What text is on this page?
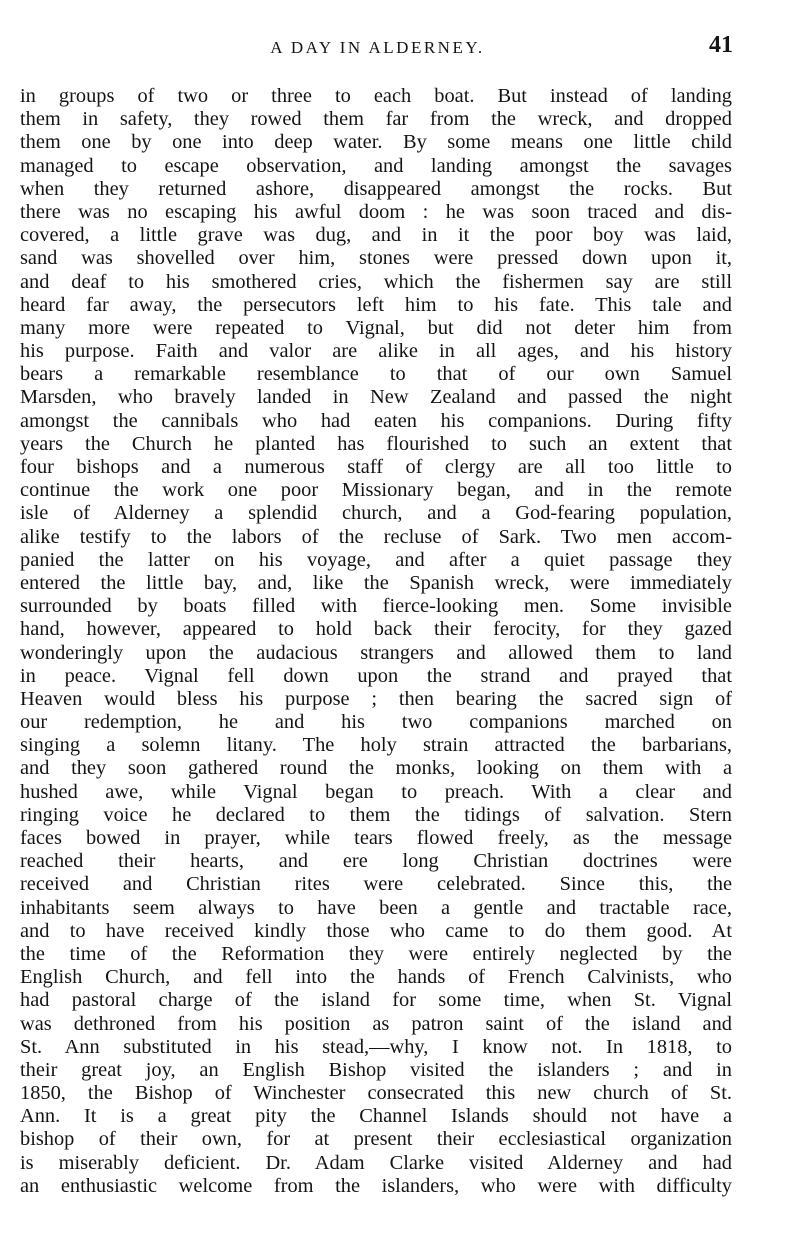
A DAY IN ALDERNEY.	41
in groups of two or three to each boat. But instead of landing
them in safety, they rowed them far from the wreck, and dropped
them one by one into deep water. By some means one little child
managed to escape observation, and landing amongst the savages
when they returned ashore, disappeared amongst the rocks. But
there was no escaping his awful doom : he was soon traced and dis-
covered, a little grave was dug, and in it the poor boy was laid,
sand was shovelled over him, stones were pressed down upon it,
and deaf to his smothered cries, which the fishermen say are still
heard far away, the persecutors left him to his fate. This tale and
many more were repeated to Vignal, but did not deter him from
his purpose. Faith and valor are alike in all ages, and his history
bears a remarkable resemblance to that of our own Samuel
Marsden, who bravely landed in New Zealand and passed the night
amongst the cannibals who had eaten his companions. During fifty
years the Church he planted has flourished to such an extent that
four bishops and a numerous staff of clergy are all too little to
continue the work one poor Missionary began, and in the remote
isle of Alderney a splendid church, and a God-fearing population,
alike testify to the labors of the recluse of Sark. Two men accom-
panied the latter on his voyage, and after a quiet passage they
entered the little bay, and, like the Spanish wreck, were immediately
surrounded by boats filled with fierce-looking men. Some invisible
hand, however, appeared to hold back their ferocity, for they gazed
wonderingly upon the audacious strangers and allowed them to land
in peace. Vignal fell down upon the strand and prayed that
Heaven would bless his purpose ; then bearing the sacred sign of
our redemption, he and his two companions marched on
singing a solemn litany. The holy strain attracted the barbarians,
and they soon gathered round the monks, looking on them with a
hushed awe, while Vignal began to preach. With a clear and
ringing voice he declared to them the tidings of salvation. Stern
faces bowed in prayer, while tears flowed freely, as the message
reached their hearts, and ere long Christian doctrines were
received and Christian rites were celebrated. Since this, the
inhabitants seem always to have been a gentle and tractable race,
and to have received kindly those who came to do them good. At
the time of the Reformation they were entirely neglected by the
English Church, and fell into the hands of French Calvinists, who
had pastoral charge of the island for some time, when St. Vignal
was dethroned from his position as patron saint of the island and
St. Ann substituted in his stead,—why, I know not. In 1818, to
their great joy, an English Bishop visited the islanders ; and in
1850, the Bishop of Winchester consecrated this new church of St.
Ann. It is a great pity the Channel Islands should not have a
bishop of their own, for at present their ecclesiastical organization
is miserably deficient. Dr. Adam Clarke visited Alderney and had
an enthusiastic welcome from the islanders, who were with difficulty
